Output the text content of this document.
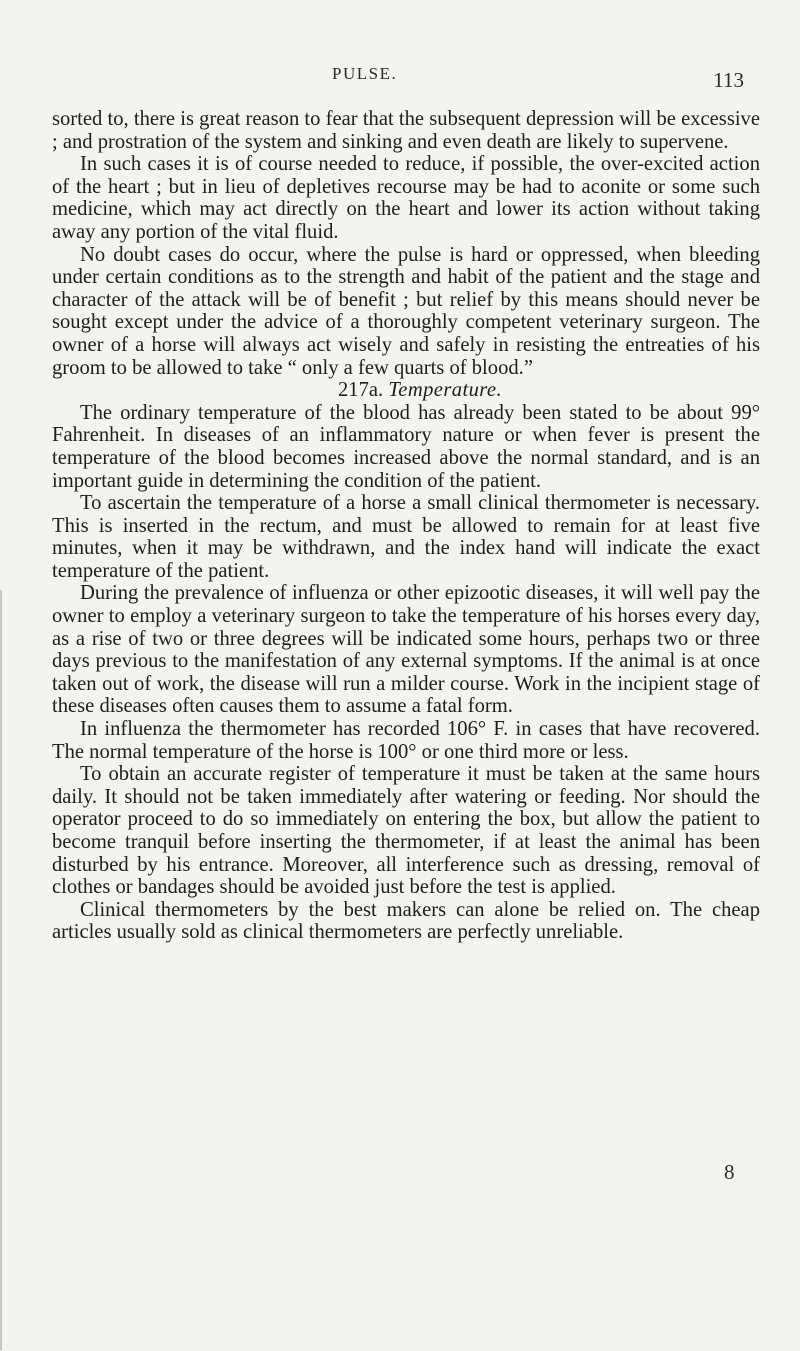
PULSE.	113

sorted to, there is great reason to fear that the subsequent depression will be excessive ; and prostration of the system and sinking and even death are likely to supervene.

In such cases it is of course needed to reduce, if possible, the over-excited action of the heart ; but in lieu of depletives recourse may be had to aconite or some such medicine, which may act directly on the heart and lower its action without taking away any portion of the vital fluid.

No doubt cases do occur, where the pulse is hard or oppressed, when bleeding under certain conditions as to the strength and habit of the patient and the stage and character of the attack will be of benefit ; but relief by this means should never be sought except under the advice of a thoroughly competent veterinary surgeon. The owner of a horse will always act wisely and safely in resisting the entreaties of his groom to be allowed to take “ only a few quarts of blood.”

217a. Temperature.

The ordinary temperature of the blood has already been stated to be about 99° Fahrenheit. In diseases of an inflammatory nature or when fever is present the temperature of the blood becomes increased above the normal standard, and is an important guide in determining the condition of the patient.

To ascertain the temperature of a horse a small clinical thermometer is necessary. This is inserted in the rectum, and must be allowed to remain for at least five minutes, when it may be withdrawn, and the index hand will indicate the exact temperature of the patient.

During the prevalence of influenza or other epizootic diseases, it will well pay the owner to employ a veterinary surgeon to take the temperature of his horses every day, as a rise of two or three degrees will be indicated some hours, perhaps two or three days previous to the manifestation of any external symptoms. If the animal is at once taken out of work, the disease will run a milder course. Work in the incipient stage of these diseases often causes them to assume a fatal form.

In influenza the thermometer has recorded 106° F. in cases that have recovered. The normal temperature of the horse is 100° or one third more or less.

To obtain an accurate register of temperature it must be taken at the same hours daily. It should not be taken immediately after watering or feeding. Nor should the operator proceed to do so immediately on entering the box, but allow the patient to become tranquil before inserting the thermometer, if at least the animal has been disturbed by his entrance. Moreover, all interference such as dressing, removal of clothes or bandages should be avoided just before the test is applied.

Clinical thermometers by the best makers can alone be relied on. The cheap articles usually sold as clinical thermometers are perfectly unreliable.

8
